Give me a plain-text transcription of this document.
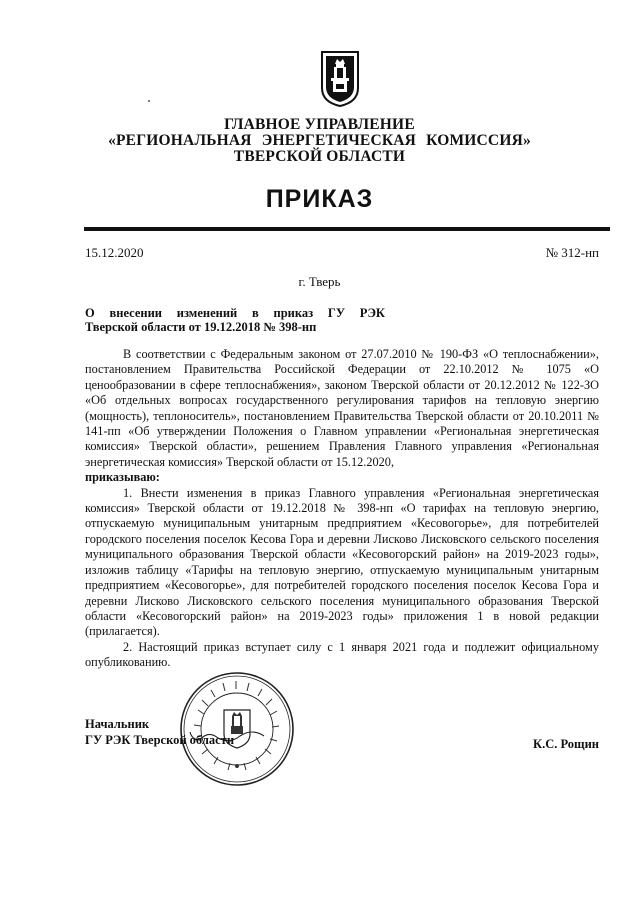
ГЛАВНОЕ УПРАВЛЕНИЕ
«РЕГИОНАЛЬНАЯ ЭНЕРГЕТИЧЕСКАЯ КОМИССИЯ»
ТВЕРСКОЙ ОБЛАСТИ
ПРИКАЗ
15.12.2020	№ 312-нп
г. Тверь
О внесении изменений в приказ ГУ РЭК
Тверской области от 19.12.2018 № 398-нп

В соответствии с Федеральным законом от 27.07.2010 № 190-ФЗ «О теплоснабжении», постановлением Правительства Российской Федерации от 22.10.2012 № 1075 «О ценообразовании в сфере теплоснабжения», законом Тверской области от 20.12.2012 № 122-ЗО «Об отдельных вопросах государственного регулирования тарифов на тепловую энергию (мощность), теплоноситель», постановлением Правительства Тверской области от 20.10.2011 № 141-пп «Об утверждении Положения о Главном управлении «Региональная энергетическая комиссия» Тверской области», решением Правления Главного управления «Региональная энергетическая комиссия» Тверской области от 15.12.2020,

приказываю:

1. Внести изменения в приказ Главного управления «Региональная энергетическая комиссия» Тверской области от 19.12.2018 № 398-нп «О тарифах на тепловую энергию, отпускаемую муниципальным унитарным предприятием «Кесовогорье», для потребителей городского поселения поселок Кесова Гора и деревни Лисково Лисковского сельского поселения муниципального образования Тверской области «Кесовогорский район» на 2019-2023 годы», изложив таблицу «Тарифы на тепловую энергию, отпускаемую муниципальным унитарным предприятием «Кесовогорье», для потребителей городского поселения поселок Кесова Гора и деревни Лисково Лисковского сельского поселения муниципального образования Тверской области «Кесовогорский район» на 2019-2023 годы» приложения 1 в новой редакции (прилагается).

2. Настоящий приказ вступает силу с 1 января 2021 года и подлежит официальному опубликованию.

Начальник
ГУ РЭК Тверской области	К.С. Рощин
